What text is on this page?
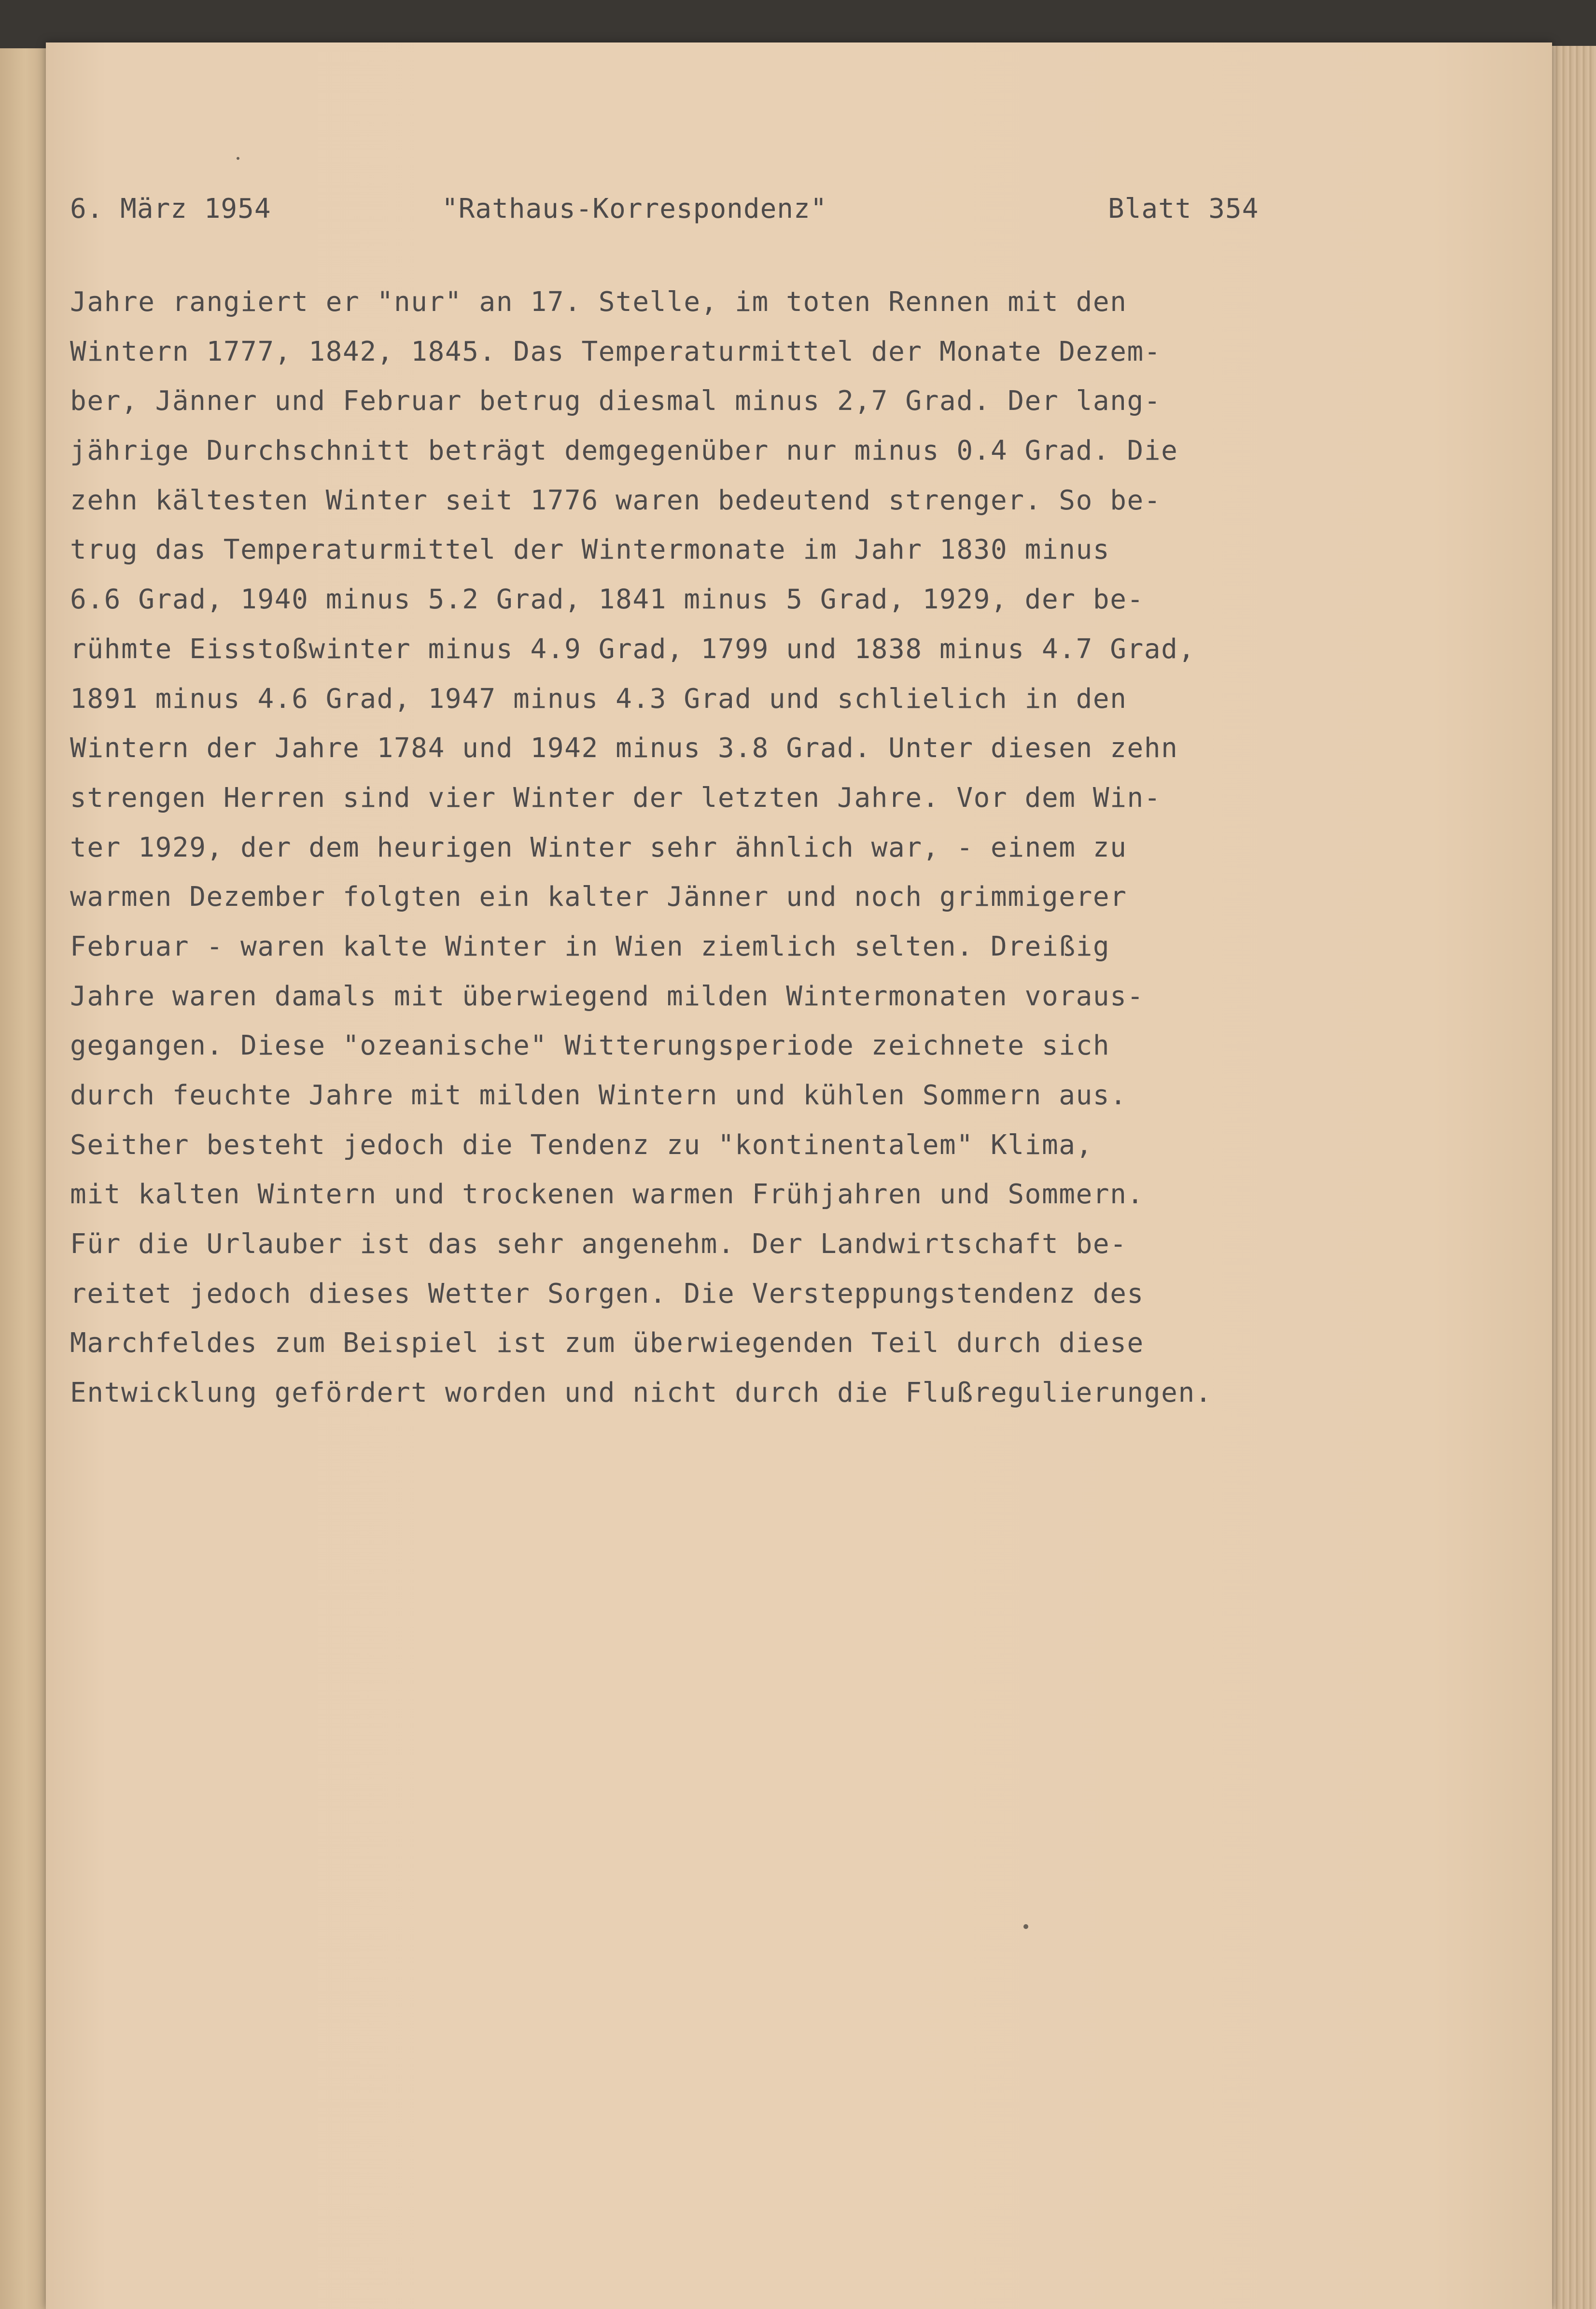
6. März 1954	"Rathaus-Korrespondenz"	Blatt 354
Jahre rangiert er "nur" an 17. Stelle, im toten Rennen mit den
Wintern 1777, 1842, 1845. Das Temperaturmittel der Monate Dezem-
ber, Jänner und Februar betrug diesmal minus 2,7 Grad. Der lang-
jährige Durchschnitt beträgt demgegenüber nur minus 0.4 Grad. Die
zehn kältesten Winter seit 1776 waren bedeutend strenger. So be-
trug das Temperaturmittel der Wintermonate im Jahr 1830 minus
6.6 Grad, 1940 minus 5.2 Grad, 1841 minus 5 Grad, 1929, der be-
rühmte Eisstoßwinter minus 4.9 Grad, 1799 und 1838 minus 4.7 Grad,
1891 minus 4.6 Grad, 1947 minus 4.3 Grad und schlielich in den
Wintern der Jahre 1784 und 1942 minus 3.8 Grad. Unter diesen zehn
strengen Herren sind vier Winter der letzten Jahre. Vor dem Win-
ter 1929, der dem heurigen Winter sehr ähnlich war, - einem zu
warmen Dezember folgten ein kalter Jänner und noch grimmigerer
Februar - waren kalte Winter in Wien ziemlich selten. Dreißig
Jahre waren damals mit überwiegend milden Wintermonaten voraus-
gegangen. Diese "ozeanische" Witterungsperiode zeichnete sich
durch feuchte Jahre mit milden Wintern und kühlen Sommern aus.
Seither besteht jedoch die Tendenz zu "kontinentalem" Klima,
mit kalten Wintern und trockenen warmen Frühjahren und Sommern.
Für die Urlauber ist das sehr angenehm. Der Landwirtschaft be-
reitet jedoch dieses Wetter Sorgen. Die Versteppungstendenz des
Marchfeldes zum Beispiel ist zum überwiegenden Teil durch diese
Entwicklung gefördert worden und nicht durch die Flußregulierungen.
